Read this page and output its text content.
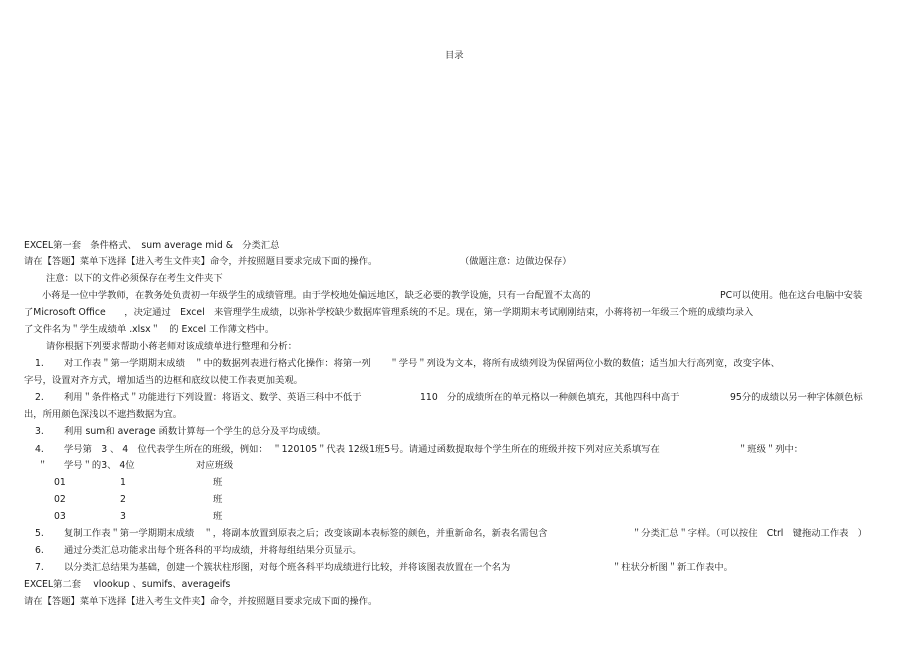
目录
EXCEL第一套　条件格式、　sum average mid &　分类汇总
请在【答题】菜单下选择【进入考生文件夹】命令，并按照题目要求完成下面的操作。	（做题注意：边做边保存）
注意：以下的文件必须保存在考生文件夹下
小蒋是一位中学教师，在教务处负责初一年级学生的成绩管理。由于学校地处偏远地区，缺乏必要的教学设施，只有一台配置不太高的	PC可以使用。他在这台电脑中安装
了Microsoft Office　　，决定通过　Excel　来管理学生成绩，以弥补学校缺少数据库管理系统的不足。现在，第一学期期末考试刚刚结束，小蒋将初一年级三个班的成绩均录入
了文件名为＂学生成绩单 .xlsx＂　的 Excel 工作薄文档中。
请你根据下列要求帮助小蒋老师对该成绩单进行整理和分析：
1. 对工作表＂第一学期期末成绩　＂中的数据列表进行格式化操作：将第一列　　＂学号＂列设为文本，将所有成绩列设为保留两位小数的数值；适当加大行高列宽，改变字体、
字号，设置对齐方式，增加适当的边框和底纹以使工作表更加美观。
2. 利用＂条件格式＂功能进行下列设置：将语文、数学、英语三科中不低于	110　分的成绩所在的单元格以一种颜色填充，其他四科中高于	95分的成绩以另一种字体颜色标
出，所用颜色深浅以不遮挡数据为宜。
3. 利用 sum和 average 函数计算每一个学生的总分及平均成绩。
4. 学号第　3 、 4　位代表学生所在的班级，例如：　＂120105＂代表 12级1班5号。请通过函数提取每个学生所在的班级并按下列对应关系填写在	＂班级＂列中：
＂ 学号＂的3、 4位	对应班级
01	1	班
02	2	班
03	3	班
5. 复制工作表＂第一学期期末成绩　＂，将副本放置到原表之后；改变该副本表标签的颜色，并重新命名，新表名需包含	＂分类汇总＂字样。（可以按住　Ctrl　键拖动工作表　）
6. 通过分类汇总功能求出每个班各科的平均成绩，并将每组结果分页显示。
7. 以分类汇总结果为基础，创建一个簇状柱形图，对每个班各科平均成绩进行比较，并将该图表放置在一个名为	＂柱状分析图＂新工作表中。
EXCEL第二套　 vlookup 、sumifs、averageifs
请在【答题】菜单下选择【进入考生文件夹】命令，并按照题目要求完成下面的操作。
